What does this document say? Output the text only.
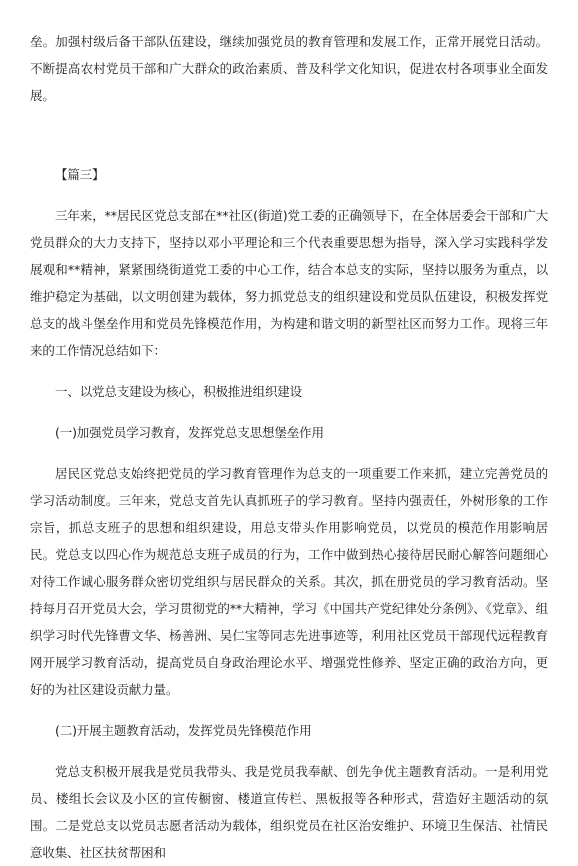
垒。加强村级后备干部队伍建设，继续加强党员的教育管理和发展工作，正常开展党日活动。不断提高农村党员干部和广大群众的政治素质、普及科学文化知识，促进农村各项事业全面发展。

【篇三】

三年来，**居民区党总支部在**社区(街道)党工委的正确领导下，在全体居委会干部和广大党员群众的大力支持下，坚持以邓小平理论和三个代表重要思想为指导，深入学习实践科学发展观和**精神，紧紧围绕街道党工委的中心工作，结合本总支的实际，坚持以服务为重点，以维护稳定为基础，以文明创建为载体，努力抓党总支的组织建设和党员队伍建设，积极发挥党总支的战斗堡垒作用和党员先锋模范作用，为构建和谐文明的新型社区而努力工作。现将三年来的工作情况总结如下：

一、以党总支建设为核心，积极推进组织建设

(一)加强党员学习教育，发挥党总支思想堡垒作用

居民区党总支始终把党员的学习教育管理作为总支的一项重要工作来抓，建立完善党员的学习活动制度。三年来，党总支首先认真抓班子的学习教育。坚持内强责任，外树形象的工作宗旨，抓总支班子的思想和组织建设，用总支带头作用影响党员，以党员的模范作用影响居民。党总支以四心作为规范总支班子成员的行为，工作中做到热心接待居民耐心解答问题细心对待工作诚心服务群众密切党组织与居民群众的关系。其次，抓在册党员的学习教育活动。坚持每月召开党员大会，学习贯彻党的**大精神，学习《中国共产党纪律处分条例》、《党章》、组织学习时代先锋曹文华、杨善洲、吴仁宝等同志先进事迹等，利用社区党员干部现代远程教育网开展学习教育活动，提高党员自身政治理论水平、增强党性修养、坚定正确的政治方向，更好的为社区建设贡献力量。

(二)开展主题教育活动，发挥党员先锋模范作用

党总支积极开展我是党员我带头、我是党员我奉献、创先争优主题教育活动。一是利用党员、楼组长会议及小区的宣传橱窗、楼道宣传栏、黑板报等各种形式，营造好主题活动的氛围。二是党总支以党员志愿者活动为载体，组织党员在社区治安维护、环境卫生保洁、社情民意收集、社区扶贫帮困和
